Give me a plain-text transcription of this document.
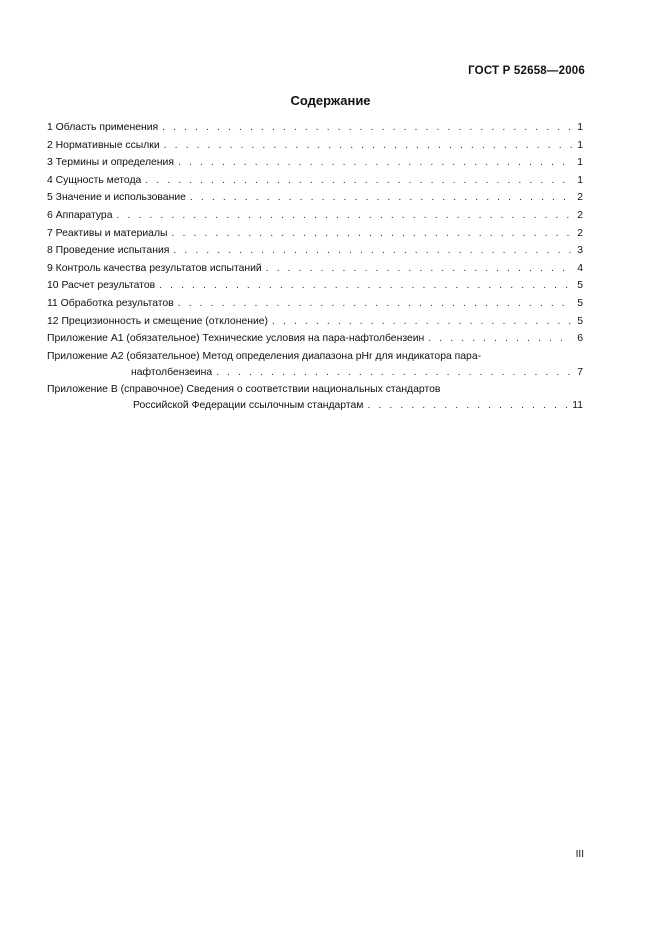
ГОСТ Р 52658—2006
Содержание
1 Область применения . . .	1
2 Нормативные ссылки . . .	1
3 Термины и определения . . .	1
4 Сущность метода . . .	1
5 Значение и использование . . .	2
6 Аппаратура . . .	2
7 Реактивы и материалы . . .	2
8 Проведение испытания . . .	3
9 Контроль качества результатов испытаний . . .	4
10 Расчет результатов . . .	5
11 Обработка результатов . . .	5
12 Прецизионность и смещение (отклонение) . . .	5
Приложение А1 (обязательное) Технические условия на пара-нафтолбензеин . . .	6
Приложение А2 (обязательное) Метод определения диапазона pHr для индикатора пара-
нафтолбензеина . . .	7
Приложение В (справочное) Сведения о соответствии национальных стандартов
Российской Федерации ссылочным стандартам . . .	11
III
